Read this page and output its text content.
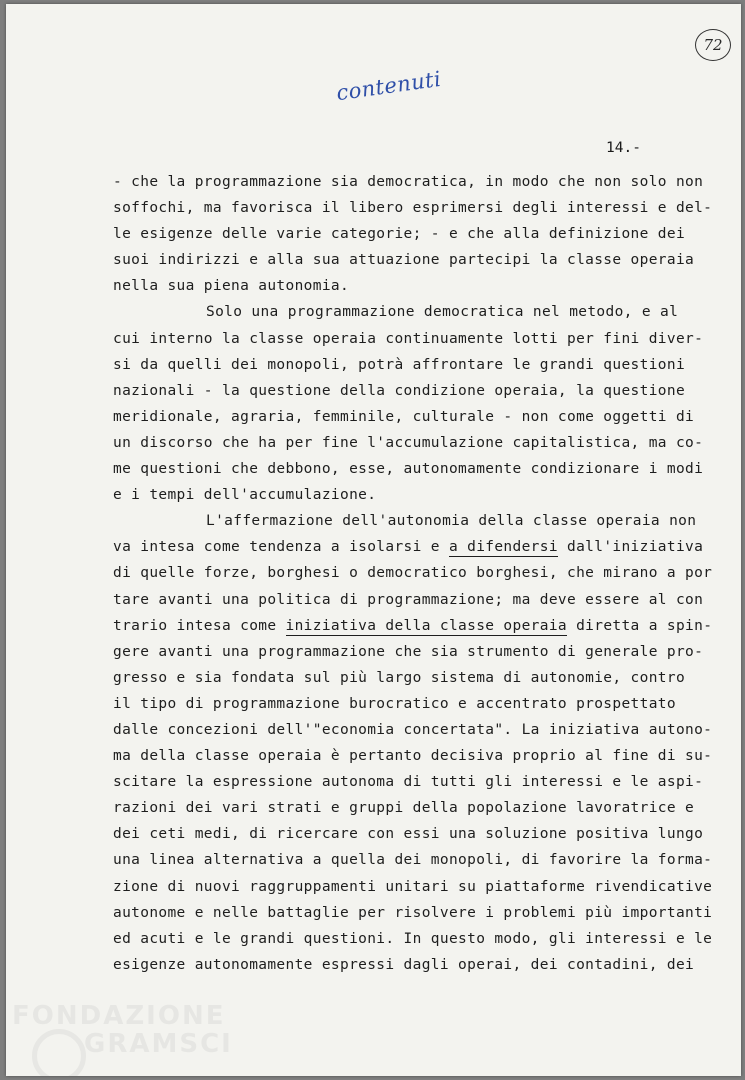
72
contenuti
14.-
- che la programmazione sia democratica, in modo che non solo non
soffochi, ma favorisca il libero esprimersi degli interessi e del-
le esigenze delle varie categorie; - e che alla definizione dei
suoi indirizzi e alla sua attuazione partecipi la classe operaia
nella sua piena autonomia.
Solo una programmazione democratica nel metodo, e al
cui interno la classe operaia continuamente lotti per fini diver-
si da quelli dei monopoli, potrà affrontare le grandi questioni
nazionali - la questione della condizione operaia, la questione
meridionale, agraria, femminile, culturale - non come oggetti di
un discorso che ha per fine l'accumulazione capitalistica, ma co-
me questioni che debbono, esse, autonomamente condizionare i modi
e i tempi dell'accumulazione.
L'affermazione dell'autonomia della classe operaia non
va intesa come tendenza a isolarsi e a difendersi dall'iniziativa
di quelle forze, borghesi o democratico borghesi, che mirano a por
tare avanti una politica di programmazione; ma deve essere al con
trario intesa come iniziativa della classe operaia diretta a spin-
gere avanti una programmazione che sia strumento di generale pro-
gresso e sia fondata sul più largo sistema di autonomie, contro
il tipo di programmazione burocratico e accentrato prospettato
dalle concezioni dell'"economia concertata". La iniziativa autono-
ma della classe operaia è pertanto decisiva proprio al fine di su-
scitare la espressione autonoma di tutti gli interessi e le aspi-
razioni dei vari strati e gruppi della popolazione lavoratrice e
dei ceti medi, di ricercare con essi una soluzione positiva lungo
una linea alternativa a quella dei monopoli, di favorire la forma-
zione di nuovi raggruppamenti unitari su piattaforme rivendicative
autonome e nelle battaglie per risolvere i problemi più importanti
ed acuti e le grandi questioni. In questo modo, gli interessi e le
esigenze autonomamente espressi dagli operai, dei contadini, dei
FONDAZIONE
GRAMSCI
